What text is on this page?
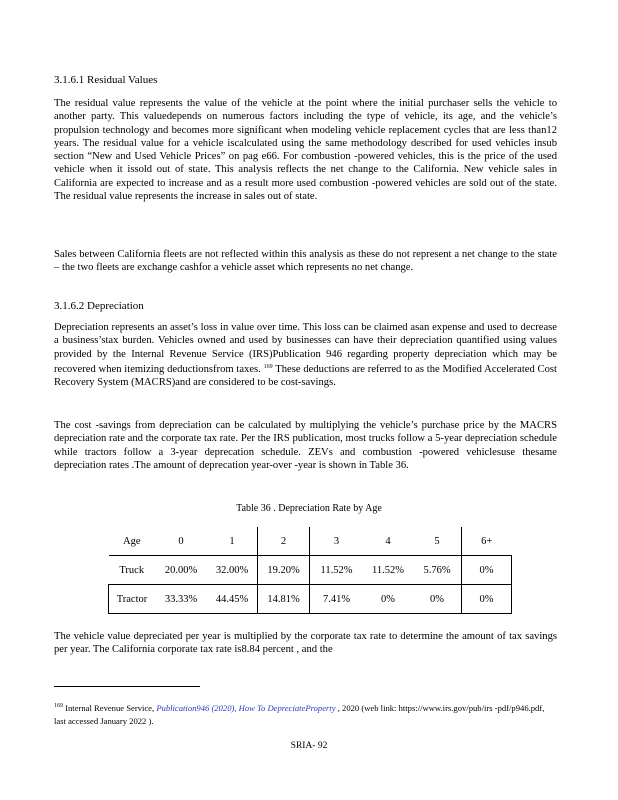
3.1.6.1 Residual Values

The residual value represents the value of the vehicle at the point where the initial purchaser sells the vehicle to another party. This valuedepends on numerous factors including the type of vehicle, its age, and the vehicle’s propulsion technology and becomes more significant when modeling vehicle replacement cycles that are less than12 years. The residual value for a vehicle iscalculated using the same methodology described for used vehicles insub section “New and Used Vehicle Prices” on pag e66. For combustion -powered vehicles, this is the price of the used vehicle when it issold out of state. This analysis reflects the net change to the California. New vehicle sales in California are expected to increase and as a result more used combustion -powered vehicles are sold out of the state. The residual value represents the increase in sales out of state.

Sales between California fleets are not reflected within this analysis as these do not represent a net change to the state – the two fleets are exchange cashfor a vehicle asset which represents no net change.

3.1.6.2 Depreciation

Depreciation represents an asset’s loss in value over time. This loss can be claimed asan expense and used to decrease a business’stax burden. Vehicles owned and used by businesses can have their depreciation quantified using values provided by the Internal Revenue Service (IRS)Publication 946 regarding property depreciation which may be recovered when itemizing deductionsfrom taxes. $^{169}$ These deductions are referred to as the Modified Accelerated Cost Recovery System (MACRS)and are considered to be cost-savings.

The cost -savings from depreciation can be calculated by multiplying the vehicle’s purchase price by the MACRS depreciation rate and the corporate tax rate. Per the IRS publication, most trucks follow a 5-year depreciation schedule while tractors follow a 3-year deprecation schedule. ZEVs and combustion -powered vehiclesuse thesame depreciation rates .The amount of deprecation year-over -year is shown in Table 36.

Table 36 . Depreciation Rate by Age
Age	0	1	2	3	4	5	6+
Truck	20.00%	32.00%	19.20%	11.52%	11.52%	5.76%	0%
Tractor	33.33%	44.45%	14.81%	7.41%	0%	0%	0%

The vehicle value depreciated per year is multiplied by the corporate tax rate to determine the amount of tax savings per year. The California corporate tax rate is8.84 percent , and the

$^{169}$ Internal Revenue Service, Publication946 (2020), How To DepreciateProperty , 2020 (web link: https://www.irs.gov/pub/irs -pdf/p946.pdf, last accessed January 2022 ).
SRIA- 92
